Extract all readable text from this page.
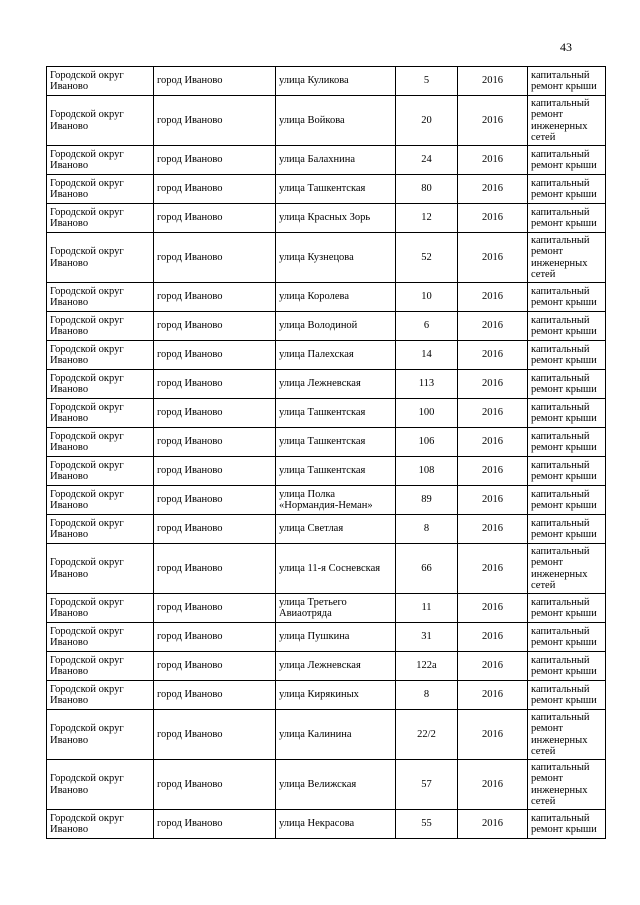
43
Городской округ Иваново	город Иваново	улица Куликова	5	2016	капитальный ремонт крыши
Городской округ Иваново	город Иваново	улица Войкова	20	2016	капитальный ремонт инженерных сетей
Городской округ Иваново	город Иваново	улица Балахнина	24	2016	капитальный ремонт крыши
Городской округ Иваново	город Иваново	улица Ташкентская	80	2016	капитальный ремонт крыши
Городской округ Иваново	город Иваново	улица Красных Зорь	12	2016	капитальный ремонт крыши
Городской округ Иваново	город Иваново	улица Кузнецова	52	2016	капитальный ремонт инженерных сетей
Городской округ Иваново	город Иваново	улица Королева	10	2016	капитальный ремонт крыши
Городской округ Иваново	город Иваново	улица Володиной	6	2016	капитальный ремонт крыши
Городской округ Иваново	город Иваново	улица Палехская	14	2016	капитальный ремонт крыши
Городской округ Иваново	город Иваново	улица Лежневская	113	2016	капитальный ремонт крыши
Городской округ Иваново	город Иваново	улица Ташкентская	100	2016	капитальный ремонт крыши
Городской округ Иваново	город Иваново	улица Ташкентская	106	2016	капитальный ремонт крыши
Городской округ Иваново	город Иваново	улица Ташкентская	108	2016	капитальный ремонт крыши
Городской округ Иваново	город Иваново	улица Полка «Нормандия-Неман»	89	2016	капитальный ремонт крыши
Городской округ Иваново	город Иваново	улица Светлая	8	2016	капитальный ремонт крыши
Городской округ Иваново	город Иваново	улица 11-я Сосневская	66	2016	капитальный ремонт инженерных сетей
Городской округ Иваново	город Иваново	улица Третьего Авиаотряда	11	2016	капитальный ремонт крыши
Городской округ Иваново	город Иваново	улица Пушкина	31	2016	капитальный ремонт крыши
Городской округ Иваново	город Иваново	улица Лежневская	122а	2016	капитальный ремонт крыши
Городской округ Иваново	город Иваново	улица Кирякиных	8	2016	капитальный ремонт крыши
Городской округ Иваново	город Иваново	улица Калинина	22/2	2016	капитальный ремонт инженерных сетей
Городской округ Иваново	город Иваново	улица Велижская	57	2016	капитальный ремонт инженерных сетей
Городской округ Иваново	город Иваново	улица Некрасова	55	2016	капитальный ремонт крыши
